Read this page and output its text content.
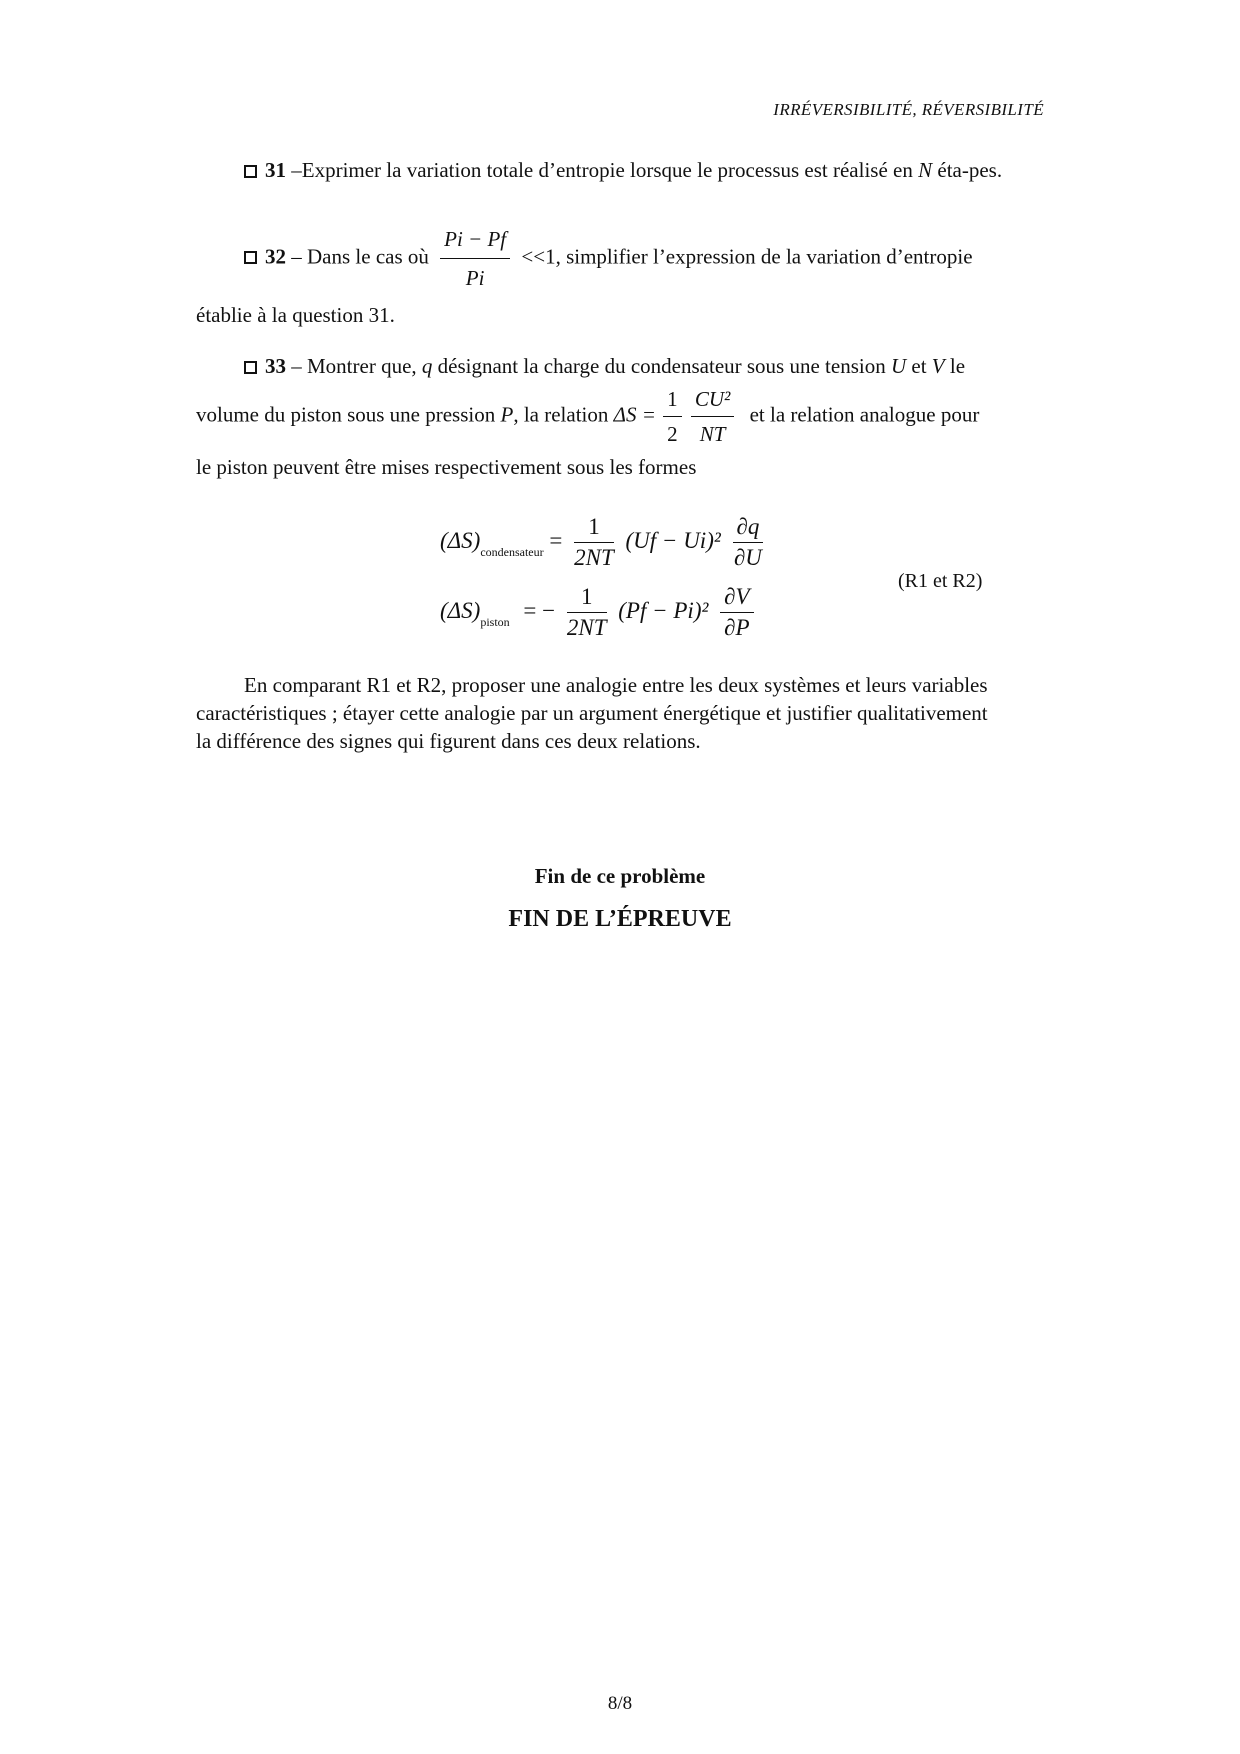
IRRÉVERSIBILITÉ, RÉVERSIBILITÉ
31 –Exprimer la variation totale d’entropie lorsque le processus est réalisé en N éta-pes.
32 – Dans le cas où $\frac{Pi - Pf}{Pi} <<1$, simplifier l’expression de la variation d’entropie
établie à la question 31.
33 – Montrer que, q désignant la charge du condensateur sous une tension U et V le
volume du piston sous une pression P, la relation $\Delta S = \frac{1}{2}$
$\frac{\text{CU²}}{NT}$ et la relation analogue pour
le piston peuvent être mises respectivement sous les formes
$(\Delta S)_{condensateur} = \frac{1}{2NT} (Uf - Ui)^2 \frac{\partial q}{\partial U}$
$(\Delta S)_{piston}$ = − $\frac{1}{2NT} (Pf - Pi)^2 \frac{\partial V}{\partial P}$
(R1 et R2)
En comparant R1 et R2, proposer une analogie entre les deux systèmes et leurs variables
caractéristiques ; étayer cette analogie par un argument énergétique et justifier qualitativement
la différence des signes qui figurent dans ces deux relations.
Fin de ce problème
FIN DE L’ÉPREUVE
8/8
